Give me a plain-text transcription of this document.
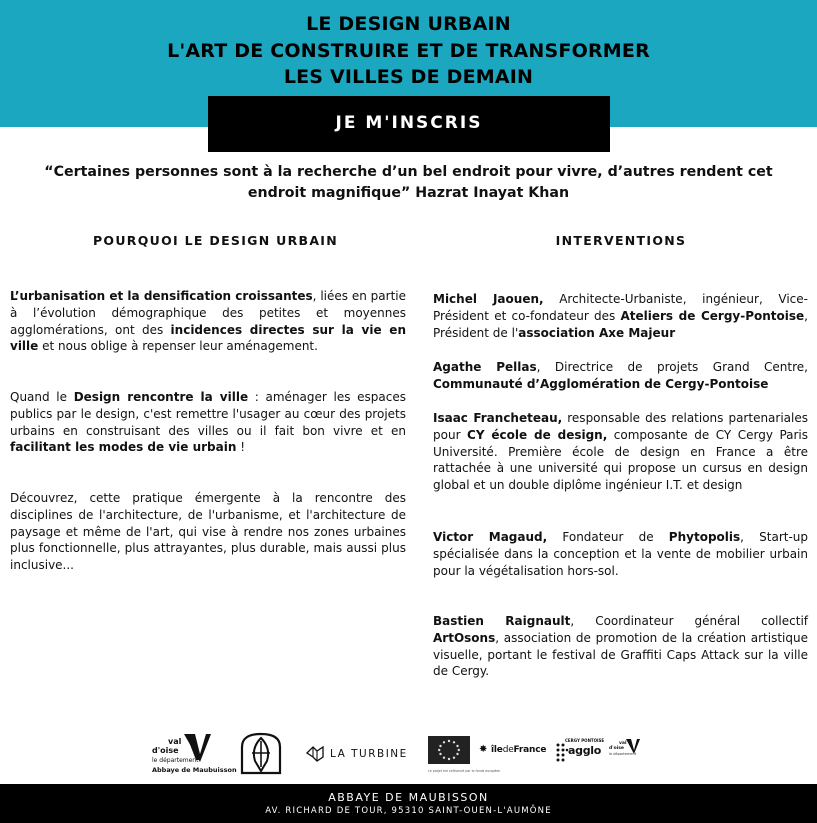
LE DESIGN URBAIN
L'ART DE CONSTRUIRE ET DE TRANSFORMER
LES VILLES DE DEMAIN
JE M'INSCRIS
“Certaines personnes sont à la recherche d’un bel endroit pour vivre, d’autres rendent cet endroit magnifique” Hazrat Inayat Khan
POURQUOI LE DESIGN URBAIN	INTERVENTIONS

L’urbanisation et la densification croissantes, liées en partie à l’évolution démographique des petites et moyennes agglomérations, ont des incidences directes sur la vie en ville et nous oblige à repenser leur aménagement.

Quand le Design rencontre la ville : aménager les espaces publics par le design, c'est remettre l'usager au cœur des projets urbains en construisant des villes ou il fait bon vivre et en facilitant les modes de vie urbain !

Découvrez, cette pratique émergente à la rencontre des disciplines de l'architecture, de l'urbanisme, et l'architecture de paysage et même de l'art, qui vise à rendre nos zones urbaines plus fonctionnelle, plus attrayantes, plus durable, mais aussi plus inclusive...

Michel Jaouen, Architecte-Urbaniste, ingénieur, Vice-Président et co-fondateur des Ateliers de Cergy-Pontoise, Président de l'association Axe Majeur

Agathe Pellas, Directrice de projets Grand Centre, Communauté d’Agglomération de Cergy-Pontoise

Isaac Francheteau, responsable des relations partenariales pour CY école de design, composante de CY Cergy Paris Université. Première école de design en France a être rattachée à une université qui propose un cursus en design global et un double diplôme ingénieur I.T. et design

Victor Magaud, Fondateur de Phytopolis, Start-up spécialisée dans la conception et la vente de mobilier urbain pour la végétalisation hors-sol.

Bastien Raignault, Coordinateur général collectif ArtOsons, association de promotion de la création artistique visuelle, portant le festival de Graffiti Caps Attack sur la ville de Cergy.

val
d'oise
le département
Abbaye de Maubuisson
LA TURBINE
Le projet est cofinancé par le fonds européen
✸ îledeFrance
CERGY PONTOISE
agglo
val
d'oise
le département
ABBAYE DE MAUBISSON
AV. RICHARD DE TOUR, 95310 SAINT-OUEN-L'AUMÔNE
